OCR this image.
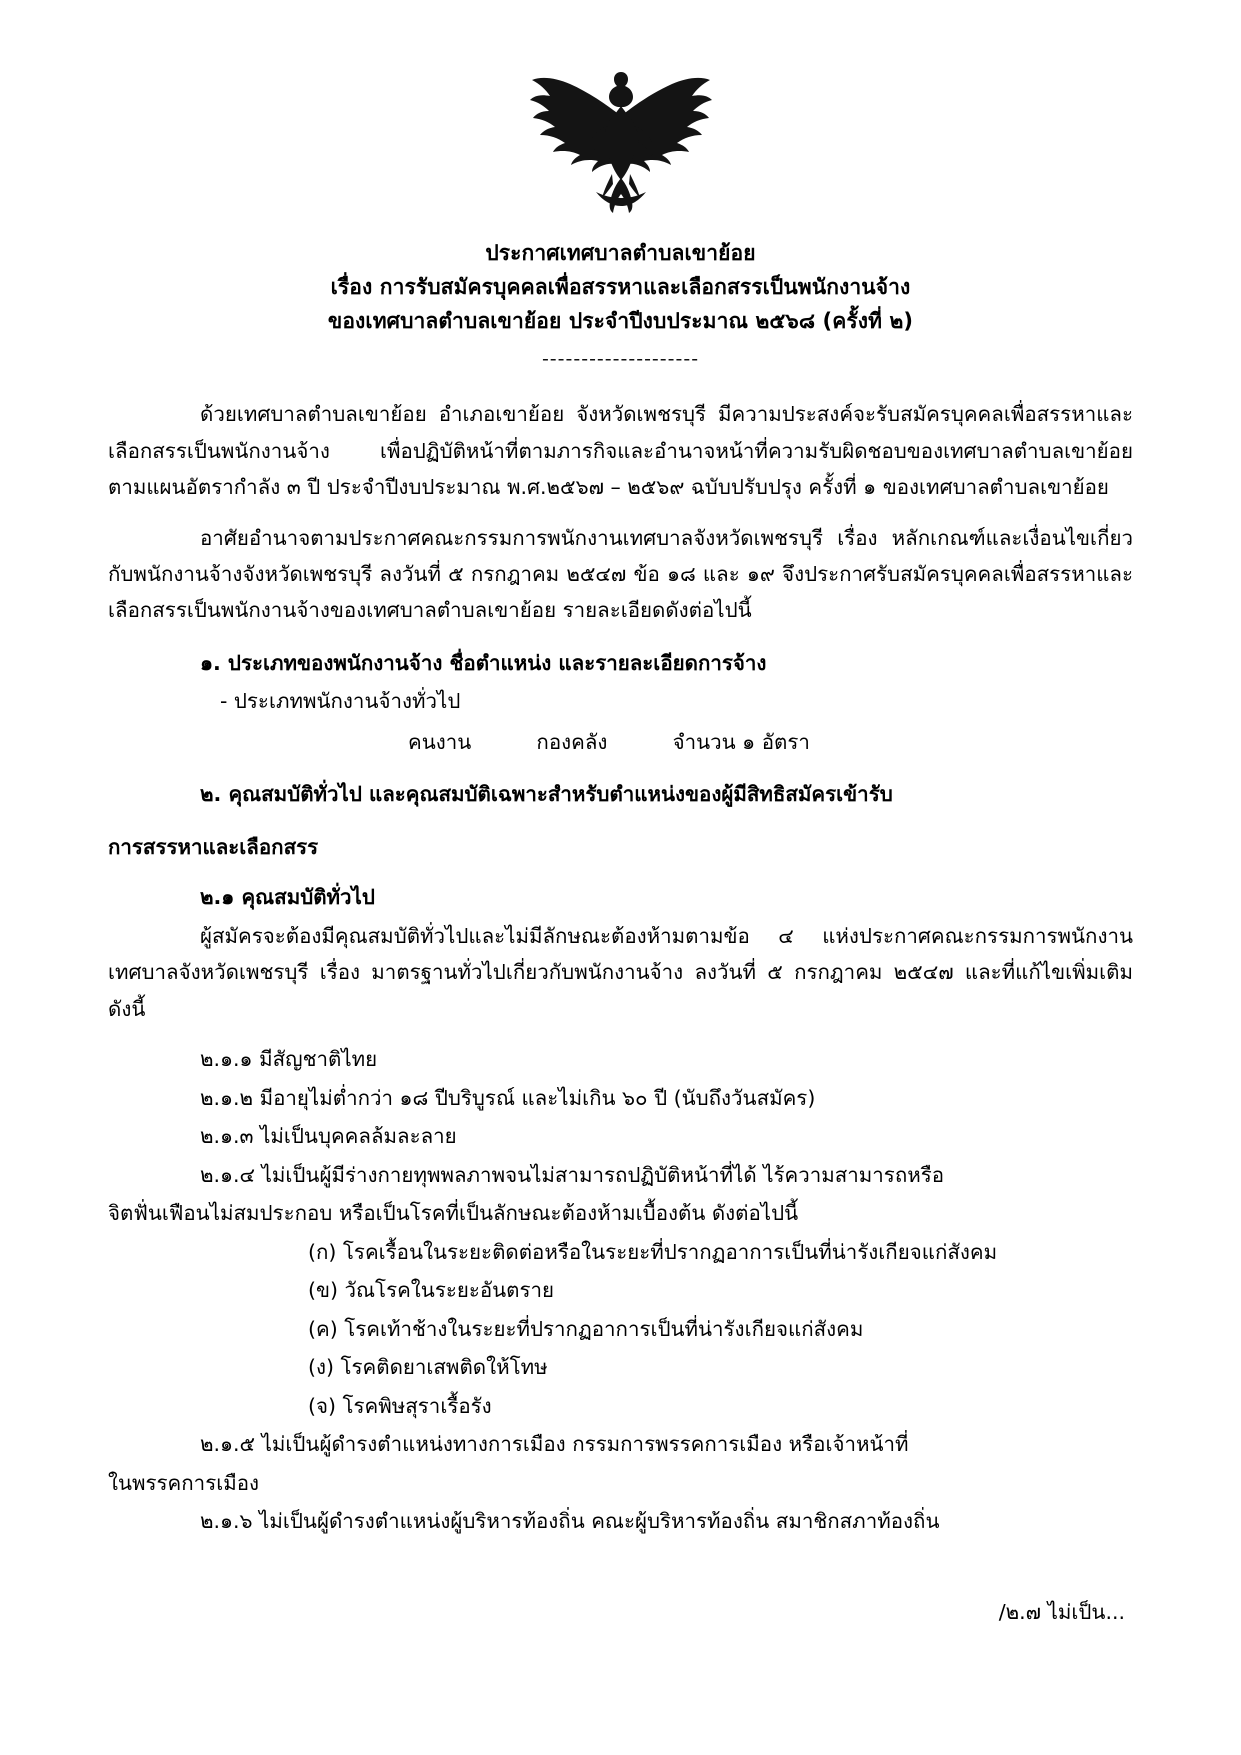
ประกาศเทศบาลตำบลเขาย้อย
เรื่อง การรับสมัครบุคคลเพื่อสรรหาและเลือกสรรเป็นพนักงานจ้าง
ของเทศบาลตำบลเขาย้อย ประจำปีงบประมาณ ๒๕๖๘ (ครั้งที่ ๒)
--------------------

ด้วยเทศบาลตำบลเขาย้อย อำเภอเขาย้อย จังหวัดเพชรบุรี มีความประสงค์จะรับสมัครบุคคลเพื่อสรรหาและเลือกสรรเป็นพนักงานจ้าง เพื่อปฏิบัติหน้าที่ตามภารกิจและอำนาจหน้าที่ความรับผิดชอบของเทศบาลตำบลเขาย้อย ตามแผนอัตรากำลัง ๓ ปี ประจำปีงบประมาณ พ.ศ.๒๕๖๗ – ๒๕๖๙ ฉบับปรับปรุง ครั้งที่ ๑ ของเทศบาลตำบลเขาย้อย

อาศัยอำนาจตามประกาศคณะกรรมการพนักงานเทศบาลจังหวัดเพชรบุรี เรื่อง หลักเกณฑ์และเงื่อนไขเกี่ยวกับพนักงานจ้างจังหวัดเพชรบุรี ลงวันที่ ๕ กรกฎาคม ๒๕๔๗ ข้อ ๑๘ และ ๑๙ จึงประกาศรับสมัครบุคคลเพื่อสรรหาและเลือกสรรเป็นพนักงานจ้างของเทศบาลตำบลเขาย้อย รายละเอียดดังต่อไปนี้

๑. ประเภทของพนักงานจ้าง ชื่อตำแหน่ง และรายละเอียดการจ้าง

- ประเภทพนักงานจ้างทั่วไป

คนงาน          กองคลัง          จำนวน ๑ อัตรา

๒. คุณสมบัติทั่วไป และคุณสมบัติเฉพาะสำหรับตำแหน่งของผู้มีสิทธิสมัครเข้ารับ

การสรรหาและเลือกสรร

๒.๑ คุณสมบัติทั่วไป

ผู้สมัครจะต้องมีคุณสมบัติทั่วไปและไม่มีลักษณะต้องห้ามตามข้อ ๔ แห่งประกาศคณะกรรมการพนักงานเทศบาลจังหวัดเพชรบุรี เรื่อง มาตรฐานทั่วไปเกี่ยวกับพนักงานจ้าง ลงวันที่ ๕ กรกฎาคม ๒๕๔๗ และที่แก้ไขเพิ่มเติม ดังนี้

๒.๑.๑ มีสัญชาติไทย

๒.๑.๒ มีอายุไม่ต่ำกว่า ๑๘ ปีบริบูรณ์ และไม่เกิน ๖๐ ปี (นับถึงวันสมัคร)

๒.๑.๓ ไม่เป็นบุคคลล้มละลาย

๒.๑.๔ ไม่เป็นผู้มีร่างกายทุพพลภาพจนไม่สามารถปฏิบัติหน้าที่ได้ ไร้ความสามารถหรือ

จิตฟั่นเฟือนไม่สมประกอบ หรือเป็นโรคที่เป็นลักษณะต้องห้ามเบื้องต้น ดังต่อไปนี้

(ก) โรคเรื้อนในระยะติดต่อหรือในระยะที่ปรากฏอาการเป็นที่น่ารังเกียจแก่สังคม

(ข) วัณโรคในระยะอันตราย

(ค) โรคเท้าช้างในระยะที่ปรากฏอาการเป็นที่น่ารังเกียจแก่สังคม

(ง) โรคติดยาเสพติดให้โทษ

(จ) โรคพิษสุราเรื้อรัง

๒.๑.๕ ไม่เป็นผู้ดำรงตำแหน่งทางการเมือง กรรมการพรรคการเมือง หรือเจ้าหน้าที่

ในพรรคการเมือง

๒.๑.๖ ไม่เป็นผู้ดำรงตำแหน่งผู้บริหารท้องถิ่น คณะผู้บริหารท้องถิ่น สมาชิกสภาท้องถิ่น

/๒.๗ ไม่เป็น...
